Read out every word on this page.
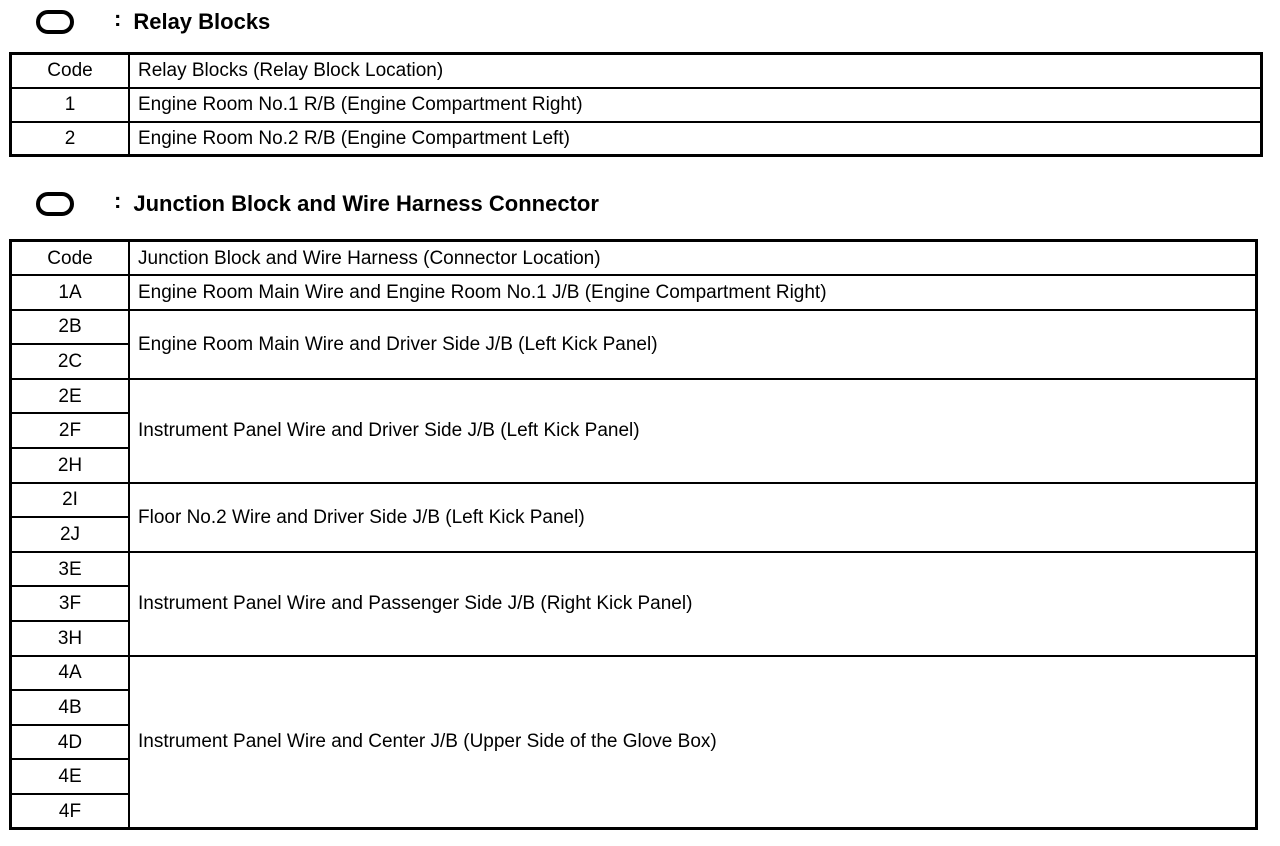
: Relay Blocks
Code	Relay Blocks (Relay Block Location)
1	Engine Room No.1 R/B (Engine Compartment Right)
2	Engine Room No.2 R/B (Engine Compartment Left)
: Junction Block and Wire Harness Connector
Code	Junction Block and Wire Harness (Connector Location)
1A	Engine Room Main Wire and Engine Room No.1 J/B (Engine Compartment Right)
2B	Engine Room Main Wire and Driver Side J/B (Left Kick Panel)
2C	
2E	Instrument Panel Wire and Driver Side J/B (Left Kick Panel)
2F	
2H	
2I	Floor No.2 Wire and Driver Side J/B (Left Kick Panel)
2J	
3E	Instrument Panel Wire and Passenger Side J/B (Right Kick Panel)
3F	
3H	
4A	Instrument Panel Wire and Center J/B (Upper Side of the Glove Box)
4B	
4D	
4E	
4F	
